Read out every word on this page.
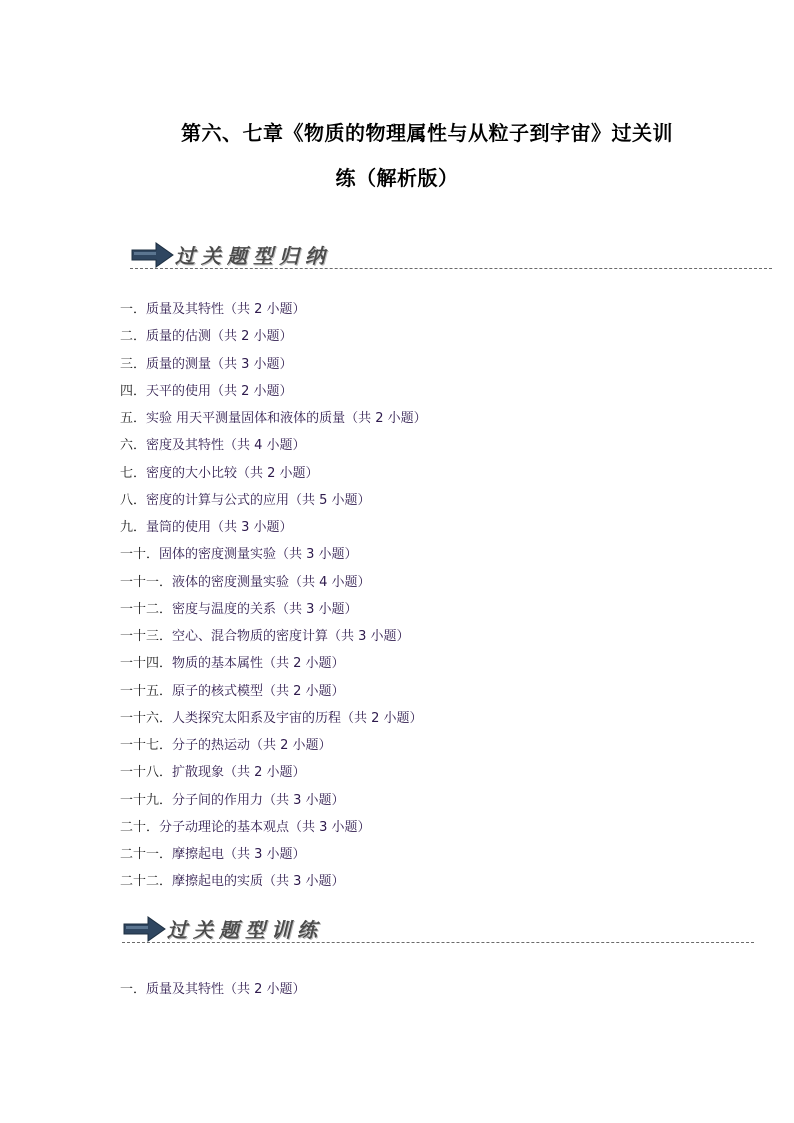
第六、七章《物质的物理属性与从粒子到宇宙》过关训
练（解析版）
过关题型归纳
一．质量及其特性（共 2 小题）
二．质量的估测（共 2 小题）
三．质量的测量（共 3 小题）
四．天平的使用（共 2 小题）
五．实验 用天平测量固体和液体的质量（共 2 小题）
六．密度及其特性（共 4 小题）
七．密度的大小比较（共 2 小题）
八．密度的计算与公式的应用（共 5 小题）
九．量筒的使用（共 3 小题）
一十．固体的密度测量实验（共 3 小题）
一十一．液体的密度测量实验（共 4 小题）
一十二．密度与温度的关系（共 3 小题）
一十三．空心、混合物质的密度计算（共 3 小题）
一十四．物质的基本属性（共 2 小题）
一十五．原子的核式模型（共 2 小题）
一十六．人类探究太阳系及宇宙的历程（共 2 小题）
一十七．分子的热运动（共 2 小题）
一十八．扩散现象（共 2 小题）
一十九．分子间的作用力（共 3 小题）
二十．分子动理论的基本观点（共 3 小题）
二十一．摩擦起电（共 3 小题）
二十二．摩擦起电的实质（共 3 小题）
过关题型训练
一．质量及其特性（共 2 小题）
